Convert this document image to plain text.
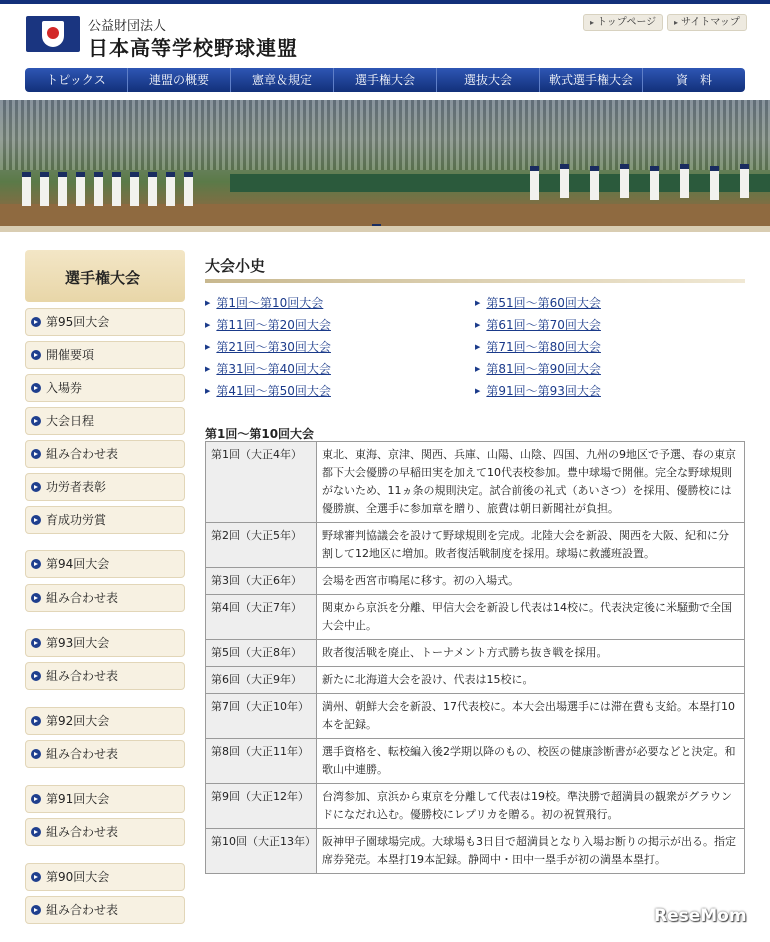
公益財団法人
日本高等学校野球連盟
▸ トップページ	▸ サイトマップ
トピックス	連盟の概要	憲章＆規定	選手権大会	選抜大会	軟式選手権大会	資　料
選手権大会
第95回大会
開催要項
入場券
大会日程
組み合わせ表
功労者表彰
育成功労賞
第94回大会
組み合わせ表
第93回大会
組み合わせ表
第92回大会
組み合わせ表
第91回大会
組み合わせ表
第90回大会
組み合わせ表
大会小史
▶ 第1回〜第10回大会
▶ 第11回〜第20回大会
▶ 第21回〜第30回大会
▶ 第31回〜第40回大会
▶ 第41回〜第50回大会
▶ 第51回〜第60回大会
▶ 第61回〜第70回大会
▶ 第71回〜第80回大会
▶ 第81回〜第90回大会
▶ 第91回〜第93回大会
第1回〜第10回大会
第1回（大正4年）	東北、東海、京津、関西、兵庫、山陽、山陰、四国、九州の9地区で予選、春の東京都下大会優勝の早稲田実を加えて10代表校参加。豊中球場で開催。完全な野球規則がないため、11ヵ条の規則決定。試合前後の礼式（あいさつ）を採用、優勝校には優勝旗、全選手に参加章を贈り、旅費は朝日新聞社が負担。
第2回（大正5年）	野球審判協議会を設けて野球規則を完成。北陸大会を新設、関西を大阪、紀和に分割して12地区に増加。敗者復活戦制度を採用。球場に救護班設置。
第3回（大正6年）	会場を西宮市鳴尾に移す。初の入場式。
第4回（大正7年）	関東から京浜を分離、甲信大会を新設し代表は14校に。代表決定後に米騒動で全国大会中止。
第5回（大正8年）	敗者復活戦を廃止、トーナメント方式勝ち抜き戦を採用。
第6回（大正9年）	新たに北海道大会を設け、代表は15校に。
第7回（大正10年）	満州、朝鮮大会を新設、17代表校に。本大会出場選手には滞在費も支給。本塁打10本を記録。
第8回（大正11年）	選手資格を、転校編入後2学期以降のもの、校医の健康診断書が必要などと決定。和歌山中連勝。
第9回（大正12年）	台湾参加、京浜から東京を分離して代表は19校。準決勝で超満員の観衆がグラウンドになだれ込む。優勝校にレプリカを贈る。初の祝賀飛行。
第10回（大正13年）	阪神甲子園球場完成。大球場も3日目で超満員となり入場お断りの掲示が出る。指定席券発売。本塁打19本記録。静岡中・田中一塁手が初の満塁本塁打。
ReseMom
